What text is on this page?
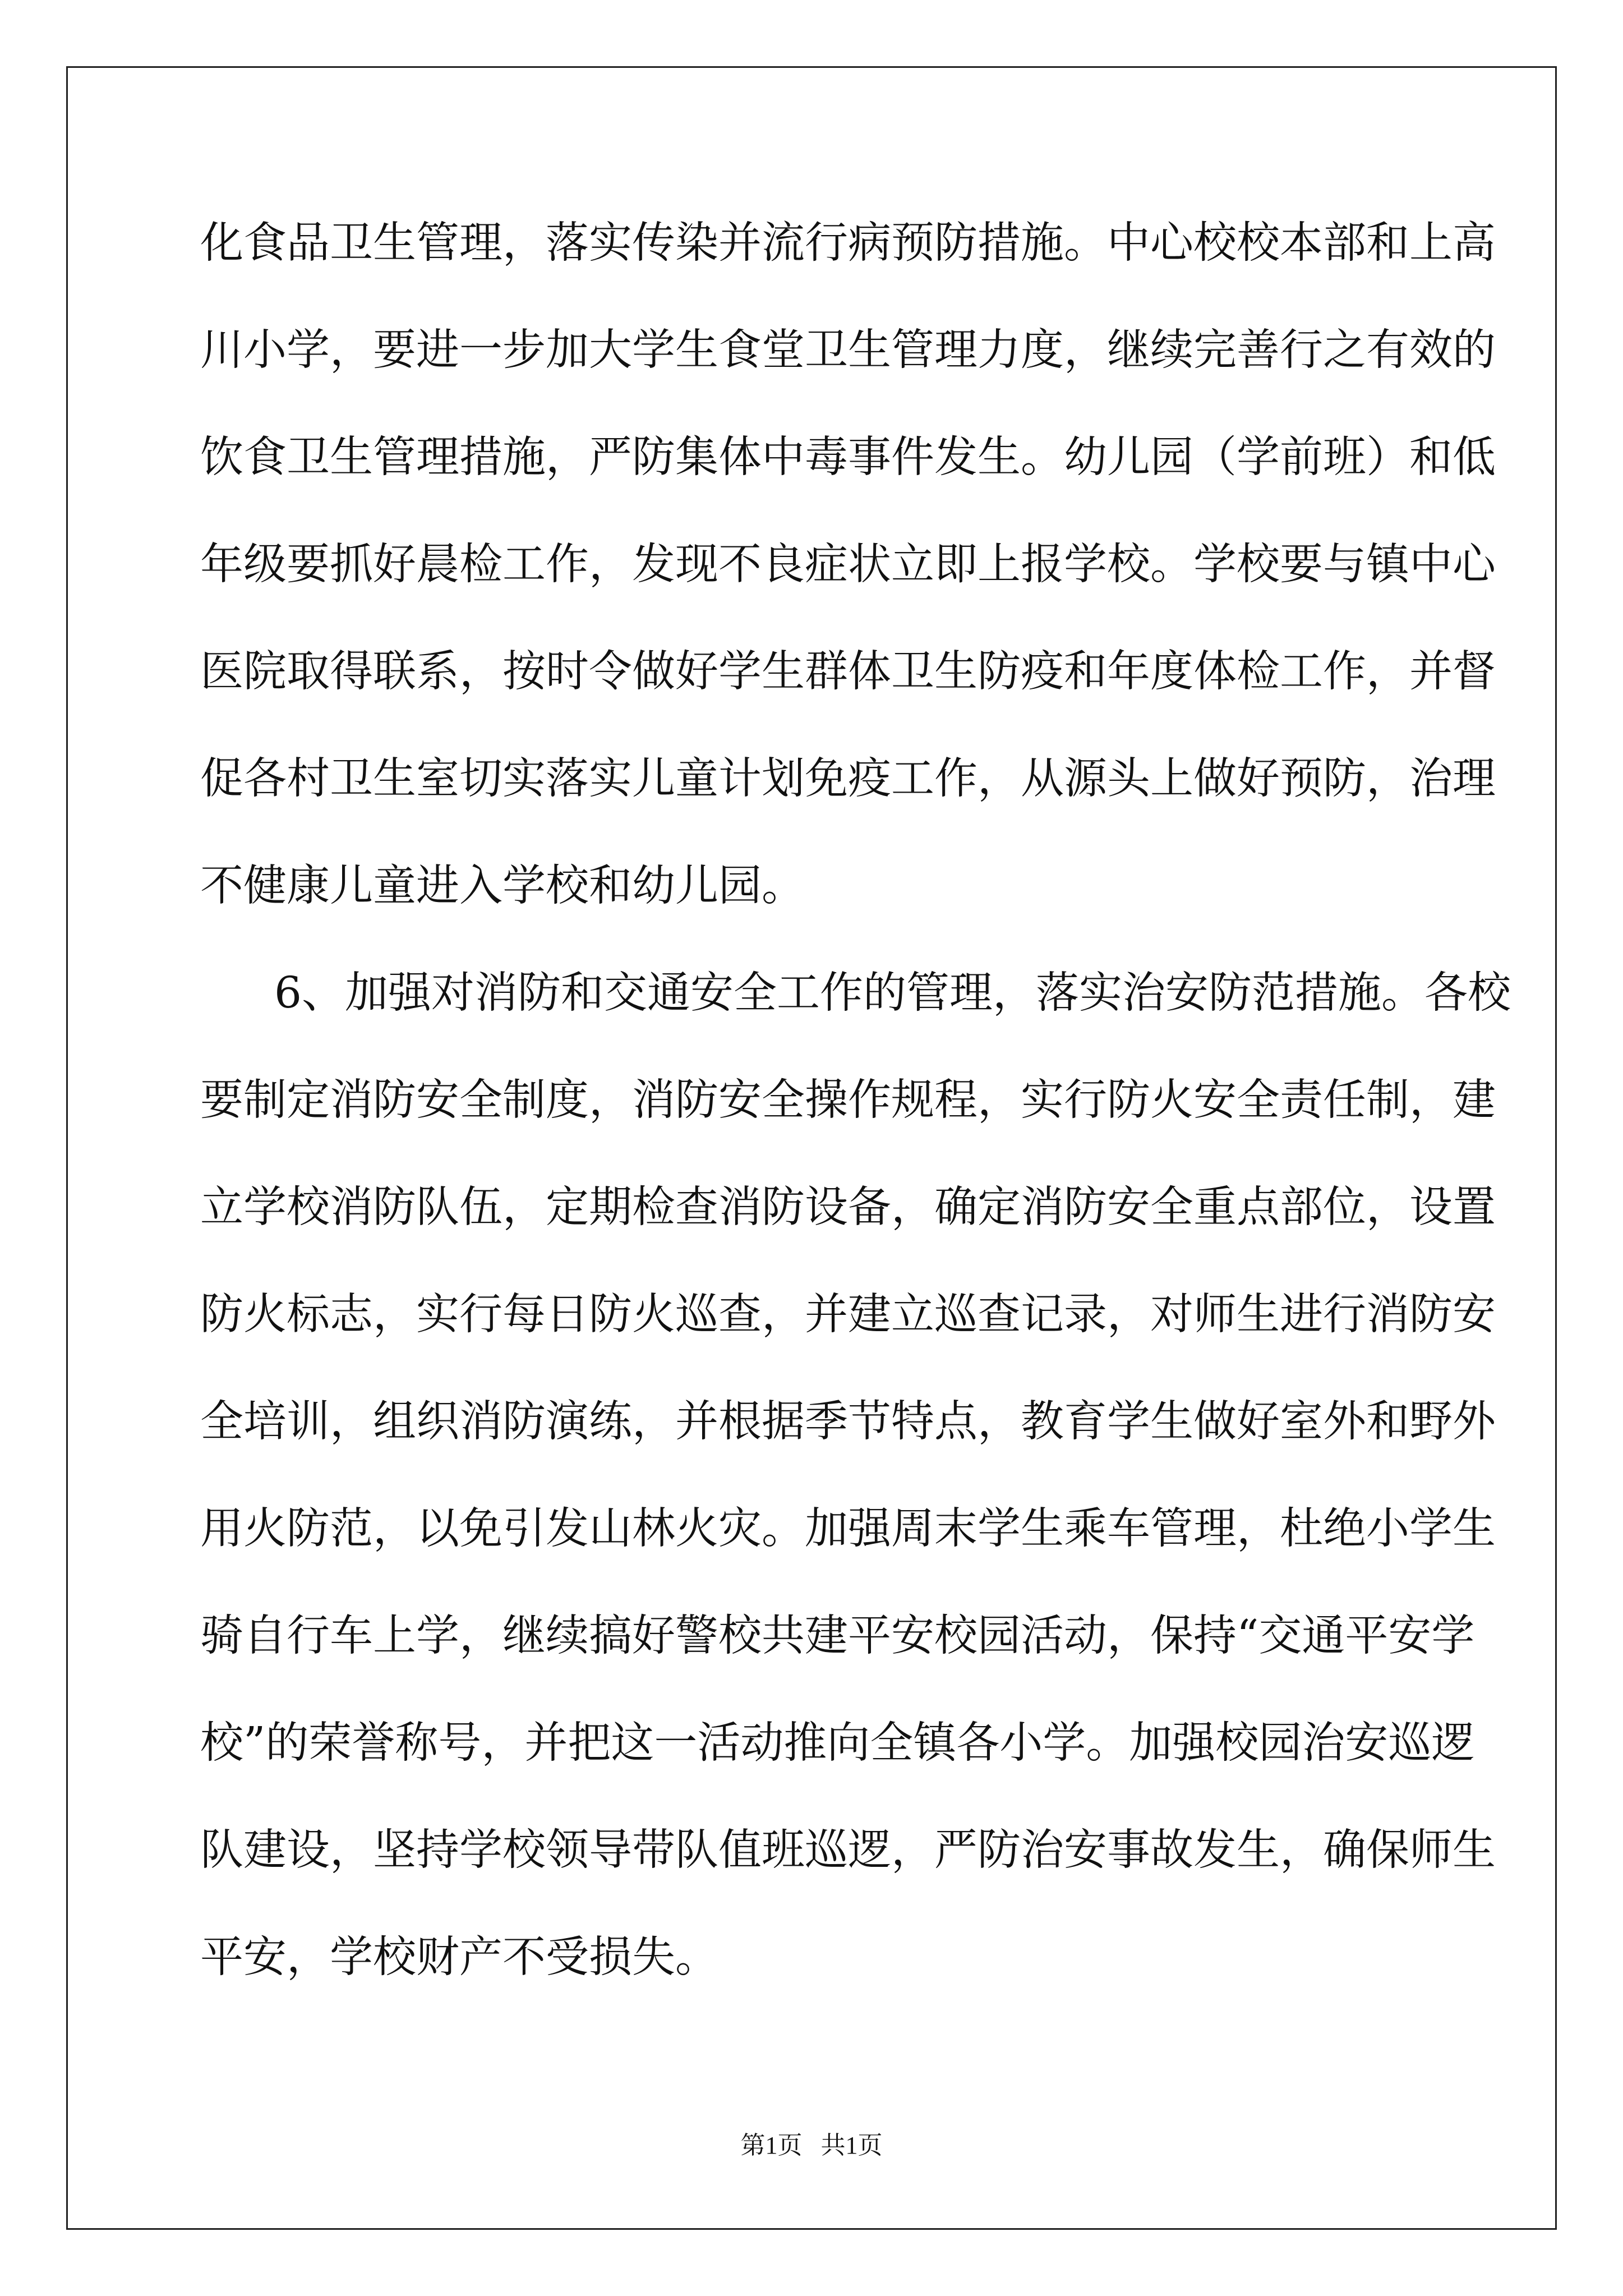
化食品卫生管理，落实传染并流行病预防措施。中心校校本部和上高
川小学，要进一步加大学生食堂卫生管理力度，继续完善行之有效的
饮食卫生管理措施，严防集体中毒事件发生。幼儿园（学前班）和低
年级要抓好晨检工作，发现不良症状立即上报学校。学校要与镇中心
医院取得联系，按时令做好学生群体卫生防疫和年度体检工作，并督
促各村卫生室切实落实儿童计划免疫工作，从源头上做好预防，治理
不健康儿童进入学校和幼儿园。
6、加强对消防和交通安全工作的管理，落实治安防范措施。各校
要制定消防安全制度，消防安全操作规程，实行防火安全责任制，建
立学校消防队伍，定期检查消防设备，确定消防安全重点部位，设置
防火标志，实行每日防火巡查，并建立巡查记录，对师生进行消防安
全培训，组织消防演练，并根据季节特点，教育学生做好室外和野外
用火防范，以免引发山林火灾。加强周末学生乘车管理，杜绝小学生
骑自行车上学，继续搞好警校共建平安校园活动，保持“交通平安学
校”的荣誉称号，并把这一活动推向全镇各小学。加强校园治安巡逻
队建设，坚持学校领导带队值班巡逻，严防治安事故发生，确保师生
平安，学校财产不受损失。
第1页 共1页
